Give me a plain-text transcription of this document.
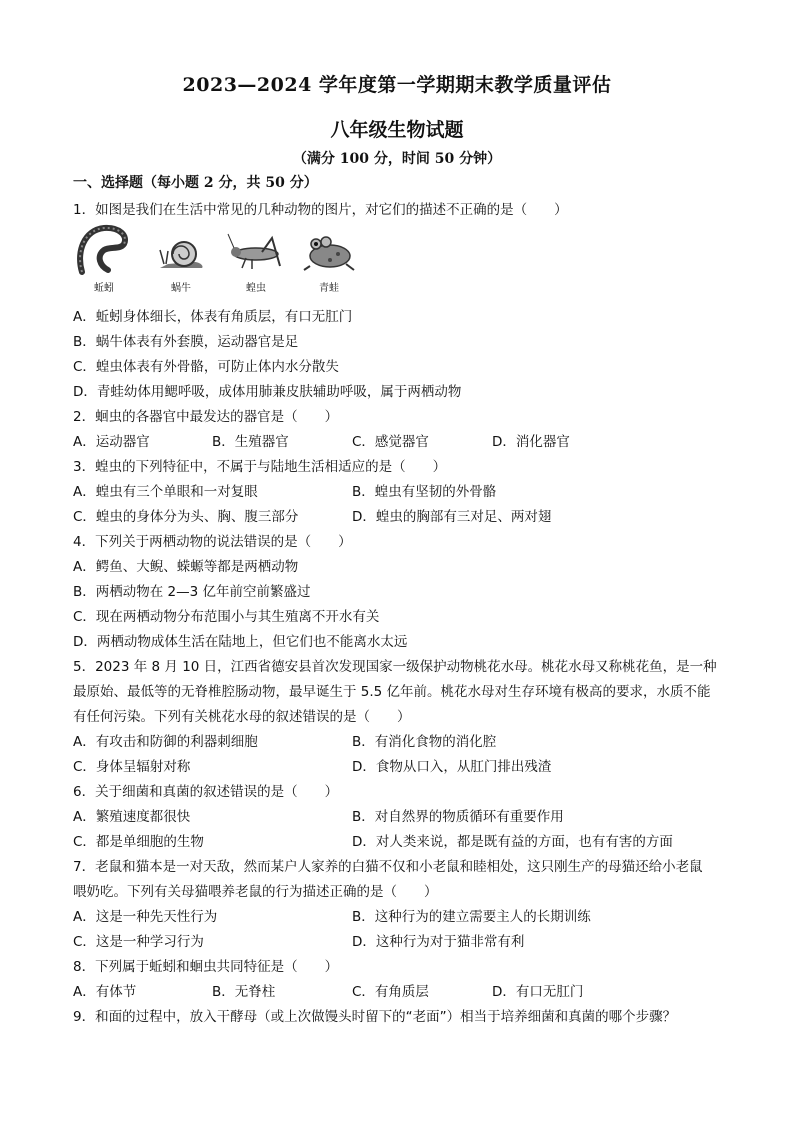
2023—2024 学年度第一学期期末教学质量评估
八年级生物试题
（满分 100 分，时间 50 分钟）
一、选择题（每小题 2 分，共 50 分）
1．如图是我们在生活中常见的几种动物的图片，对它们的描述不正确的是（　　）
蚯蚓	蜗牛	蝗虫	青蛙
A．蚯蚓身体细长，体表有角质层，有口无肛门
B．蜗牛体表有外套膜，运动器官是足
C．蝗虫体表有外骨骼，可防止体内水分散失
D．青蛙幼体用鳃呼吸，成体用肺兼皮肤辅助呼吸，属于两栖动物
2．蛔虫的各器官中最发达的器官是（　　）
A．运动器官	B．生殖器官	C．感觉器官	D．消化器官
3．蝗虫的下列特征中，不属于与陆地生活相适应的是（　　）
A．蝗虫有三个单眼和一对复眼	B．蝗虫有坚韧的外骨骼
C．蝗虫的身体分为头、胸、腹三部分	D．蝗虫的胸部有三对足、两对翅
4．下列关于两栖动物的说法错误的是（　　）
A．鳄鱼、大鲵、蝾螈等都是两栖动物
B．两栖动物在 2—3 亿年前空前繁盛过
C．现在两栖动物分布范围小与其生殖离不开水有关
D．两栖动物成体生活在陆地上，但它们也不能离水太远
5．2023 年 8 月 10 日，江西省德安县首次发现国家一级保护动物桃花水母。桃花水母又称桃花鱼，是一种
最原始、最低等的无脊椎腔肠动物，最早诞生于 5.5 亿年前。桃花水母对生存环境有极高的要求，水质不能
有任何污染。下列有关桃花水母的叙述错误的是（　　）
A．有攻击和防御的利器刺细胞	B．有消化食物的消化腔
C．身体呈辐射对称	D．食物从口入，从肛门排出残渣
6．关于细菌和真菌的叙述错误的是（　　）
A．繁殖速度都很快	B．对自然界的物质循环有重要作用
C．都是单细胞的生物	D．对人类来说，都是既有益的方面，也有有害的方面
7．老鼠和猫本是一对天敌，然而某户人家养的白猫不仅和小老鼠和睦相处，这只刚生产的母猫还给小老鼠
喂奶吃。下列有关母猫喂养老鼠的行为描述正确的是（　　）
A．这是一种先天性行为	B．这种行为的建立需要主人的长期训练
C．这是一种学习行为	D．这种行为对于猫非常有利
8．下列属于蚯蚓和蛔虫共同特征是（　　）
A．有体节	B．无脊柱	C．有角质层	D．有口无肛门
9．和面的过程中，放入干酵母（或上次做馒头时留下的“老面”）相当于培养细菌和真菌的哪个步骤？
